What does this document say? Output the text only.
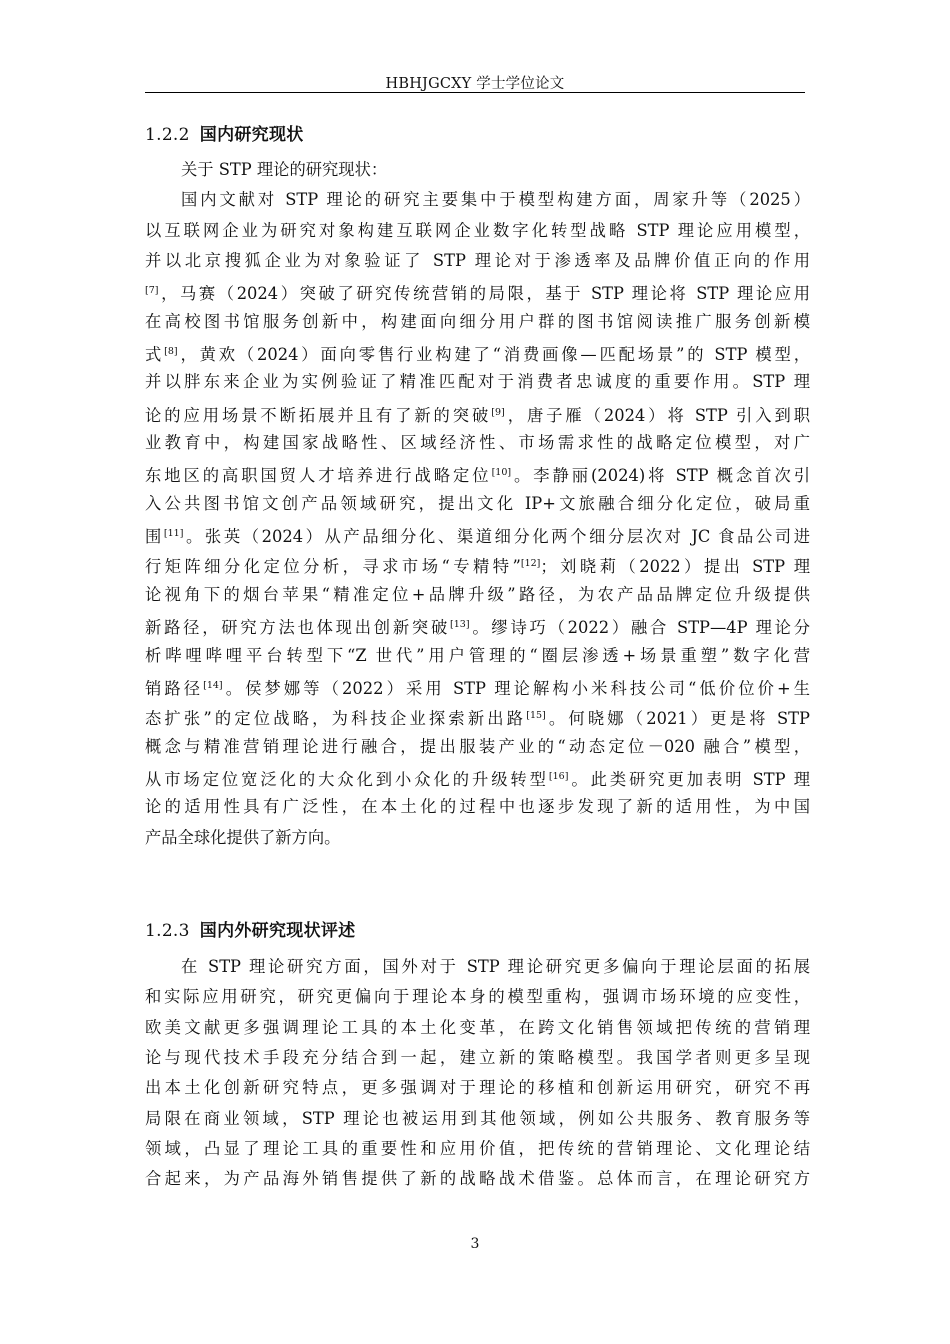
HBHJGCXY 学士学位论文
1.2.2 国内研究现状
关于 STP 理论的研究现状：
国内文献对 STP 理论的研究主要集中于模型构建方面，周家升等（2025）
以互联网企业为研究对象构建互联网企业数字化转型战略 STP 理论应用模型，
并以北京搜狐企业为对象验证了 STP 理论对于渗透率及品牌价值正向的作用
[7]，马赛（2024）突破了研究传统营销的局限，基于 STP 理论将 STP 理论应用
在高校图书馆服务创新中，构建面向细分用户群的图书馆阅读推广服务创新模
式[8]，黄欢（2024）面向零售行业构建了“消费画像—匹配场景”的 STP 模型，
并以胖东来企业为实例验证了精准匹配对于消费者忠诚度的重要作用。STP 理
论的应用场景不断拓展并且有了新的突破[9]，唐子雁（2024）将 STP 引入到职
业教育中，构建国家战略性、区域经济性、市场需求性的战略定位模型，对广
东地区的高职国贸人才培养进行战略定位[10]。李静丽(2024)将 STP 概念首次引
入公共图书馆文创产品领域研究，提出文化 IP+文旅融合细分化定位，破局重
围[11]。张英（2024）从产品细分化、渠道细分化两个细分层次对 JC 食品公司进
行矩阵细分化定位分析，寻求市场“专精特”[12]；刘晓莉（2022）提出 STP 理
论视角下的烟台苹果“精准定位+品牌升级”路径，为农产品品牌定位升级提供
新路径，研究方法也体现出创新突破[13]。缪诗巧（2022）融合 STP—4P 理论分
析哔哩哔哩平台转型下“Z 世代”用户管理的“圈层渗透+场景重塑”数字化营
销路径[14]。侯梦娜等（2022）采用 STP 理论解构小米科技公司“低价位价+生
态扩张”的定位战略，为科技企业探索新出路[15]。何晓娜（2021）更是将 STP
概念与精准营销理论进行融合，提出服装产业的“动态定位－020 融合”模型，
从市场定位宽泛化的大众化到小众化的升级转型[16]。此类研究更加表明 STP 理
论的适用性具有广泛性，在本土化的过程中也逐步发现了新的适用性，为中国
产品全球化提供了新方向。
1.2.3 国内外研究现状评述
在 STP 理论研究方面，国外对于 STP 理论研究更多偏向于理论层面的拓展
和实际应用研究，研究更偏向于理论本身的模型重构，强调市场环境的应变性，
欧美文献更多强调理论工具的本土化变革，在跨文化销售领域把传统的营销理
论与现代技术手段充分结合到一起，建立新的策略模型。我国学者则更多呈现
出本土化创新研究特点，更多强调对于理论的移植和创新运用研究，研究不再
局限在商业领域，STP 理论也被运用到其他领域，例如公共服务、教育服务等
领域，凸显了理论工具的重要性和应用价值，把传统的营销理论、文化理论结
合起来，为产品海外销售提供了新的战略战术借鉴。总体而言，在理论研究方
3
